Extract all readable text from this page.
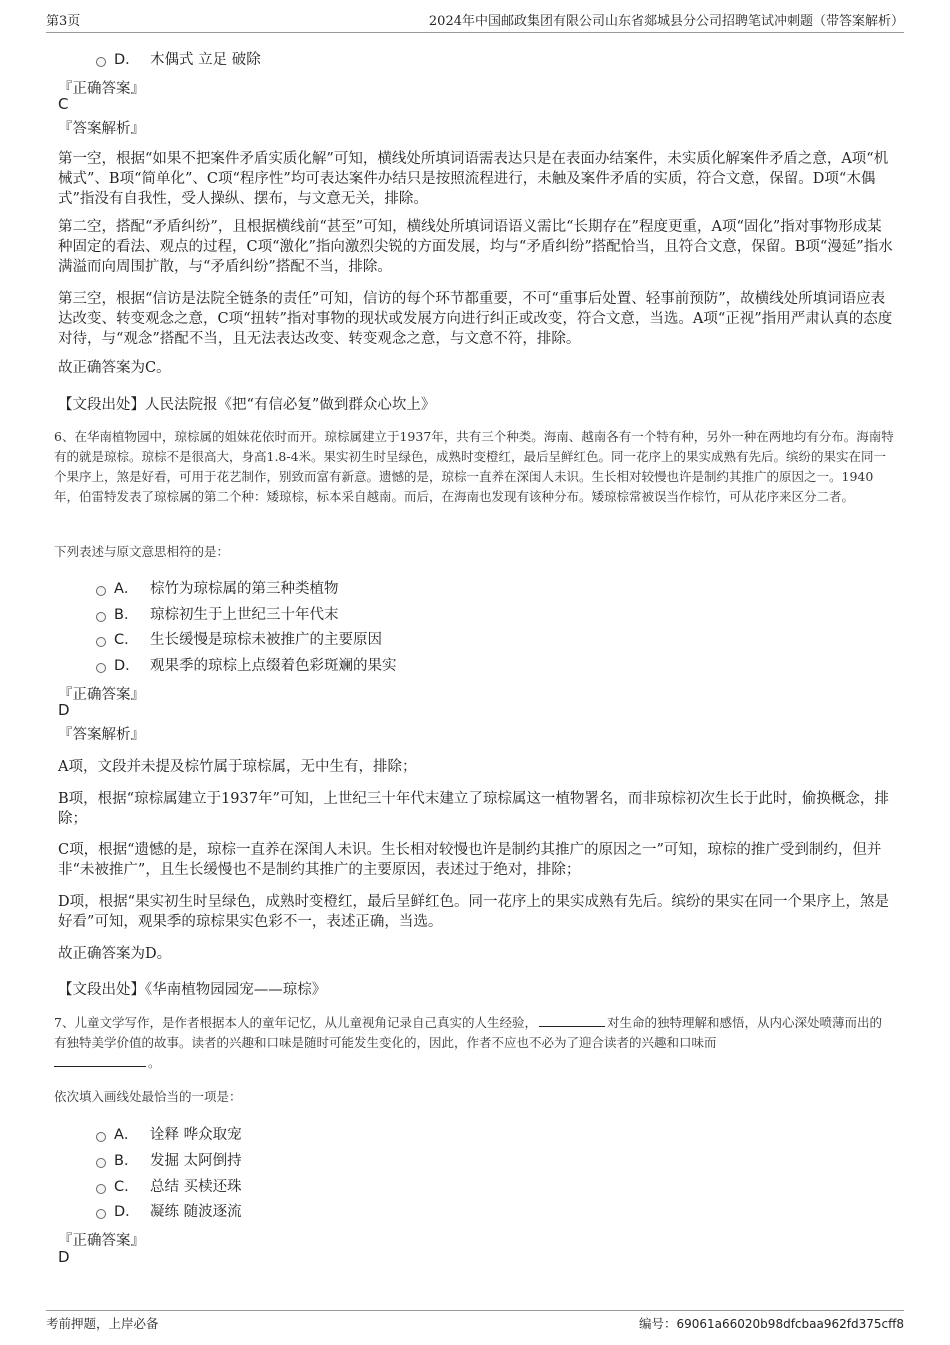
第3页	2024年中国邮政集团有限公司山东省郯城县分公司招聘笔试冲刺题（带答案解析）
D． 木偶式 立足 破除
『正确答案』
C
『答案解析』
第一空，根据“如果不把案件矛盾实质化解”可知，横线处所填词语需表达只是在表面办结案件，未实质化解案件矛盾之意，A项“机械式”、B项“简单化”、C项“程序性”均可表达案件办结只是按照流程进行，未触及案件矛盾的实质，符合文意，保留。D项“木偶式”指没有自我性，受人操纵、摆布，与文意无关，排除。
第二空，搭配“矛盾纠纷”，且根据横线前“甚至”可知，横线处所填词语语义需比“长期存在”程度更重，A项“固化”指对事物形成某种固定的看法、观点的过程，C项“激化”指向激烈尖锐的方面发展，均与“矛盾纠纷”搭配恰当，且符合文意，保留。B项“漫延”指水满溢而向周围扩散，与“矛盾纠纷”搭配不当，排除。
第三空，根据“信访是法院全链条的责任”可知，信访的每个环节都重要，不可“重事后处置、轻事前预防”，故横线处所填词语应表达改变、转变观念之意，C项“扭转”指对事物的现状或发展方向进行纠正或改变，符合文意，当选。A项“正视”指用严肃认真的态度对待，与“观念”搭配不当，且无法表达改变、转变观念之意，与文意不符，排除。
故正确答案为C。
【文段出处】人民法院报《把“有信必复”做到群众心坎上》
6、在华南植物园中，琼棕属的姐妹花依时而开。琼棕属建立于1937年，共有三个种类。海南、越南各有一个特有种，另外一种在两地均有分布。海南特有的就是琼棕。琼棕不是很高大，身高1.8-4米。果实初生时呈绿色，成熟时变橙红，最后呈鲜红色。同一花序上的果实成熟有先后。缤纷的果实在同一个果序上，煞是好看，可用于花艺制作，别致而富有新意。遗憾的是，琼棕一直养在深闺人未识。生长相对较慢也许是制约其推广的原因之一。1940年，伯雷特发表了琼棕属的第二个种：矮琼棕，标本采自越南。而后，在海南也发现有该种分布。矮琼棕常被误当作棕竹，可从花序来区分二者。
下列表述与原文意思相符的是：
A． 棕竹为琼棕属的第三种类植物
B． 琼棕初生于上世纪三十年代末
C． 生长缓慢是琼棕未被推广的主要原因
D． 观果季的琼棕上点缀着色彩斑斓的果实
『正确答案』
D
『答案解析』
A项，文段并未提及棕竹属于琼棕属，无中生有，排除；
B项，根据“琼棕属建立于1937年”可知，上世纪三十年代末建立了琼棕属这一植物署名，而非琼棕初次生长于此时，偷换概念，排除；
C项，根据“遗憾的是，琼棕一直养在深闺人未识。生长相对较慢也许是制约其推广的原因之一”可知，琼棕的推广受到制约，但并非“未被推广”，且生长缓慢也不是制约其推广的主要原因，表述过于绝对，排除；
D项，根据“果实初生时呈绿色，成熟时变橙红，最后呈鲜红色。同一花序上的果实成熟有先后。缤纷的果实在同一个果序上，煞是好看”可知，观果季的琼棕果实色彩不一，表述正确，当选。
故正确答案为D。
【文段出处】《华南植物园园宠——琼棕》
7、儿童文学写作，是作者根据本人的童年记忆，从儿童视角记录自己真实的人生经验，	对生命的独特理解和感悟，从内心深处喷薄而出的有独特美学价值的故事。读者的兴趣和口味是随时可能发生变化的，因此，作者不应也不必为了迎合读者的兴趣和口味而
。
依次填入画线处最恰当的一项是：
A． 诠释 哗众取宠
B． 发掘 太阿倒持
C． 总结 买椟还珠
D． 凝练 随波逐流
『正确答案』
D
考前押题，上岸必备	编号：69061a66020b98dfcbaa962fd375cff8
